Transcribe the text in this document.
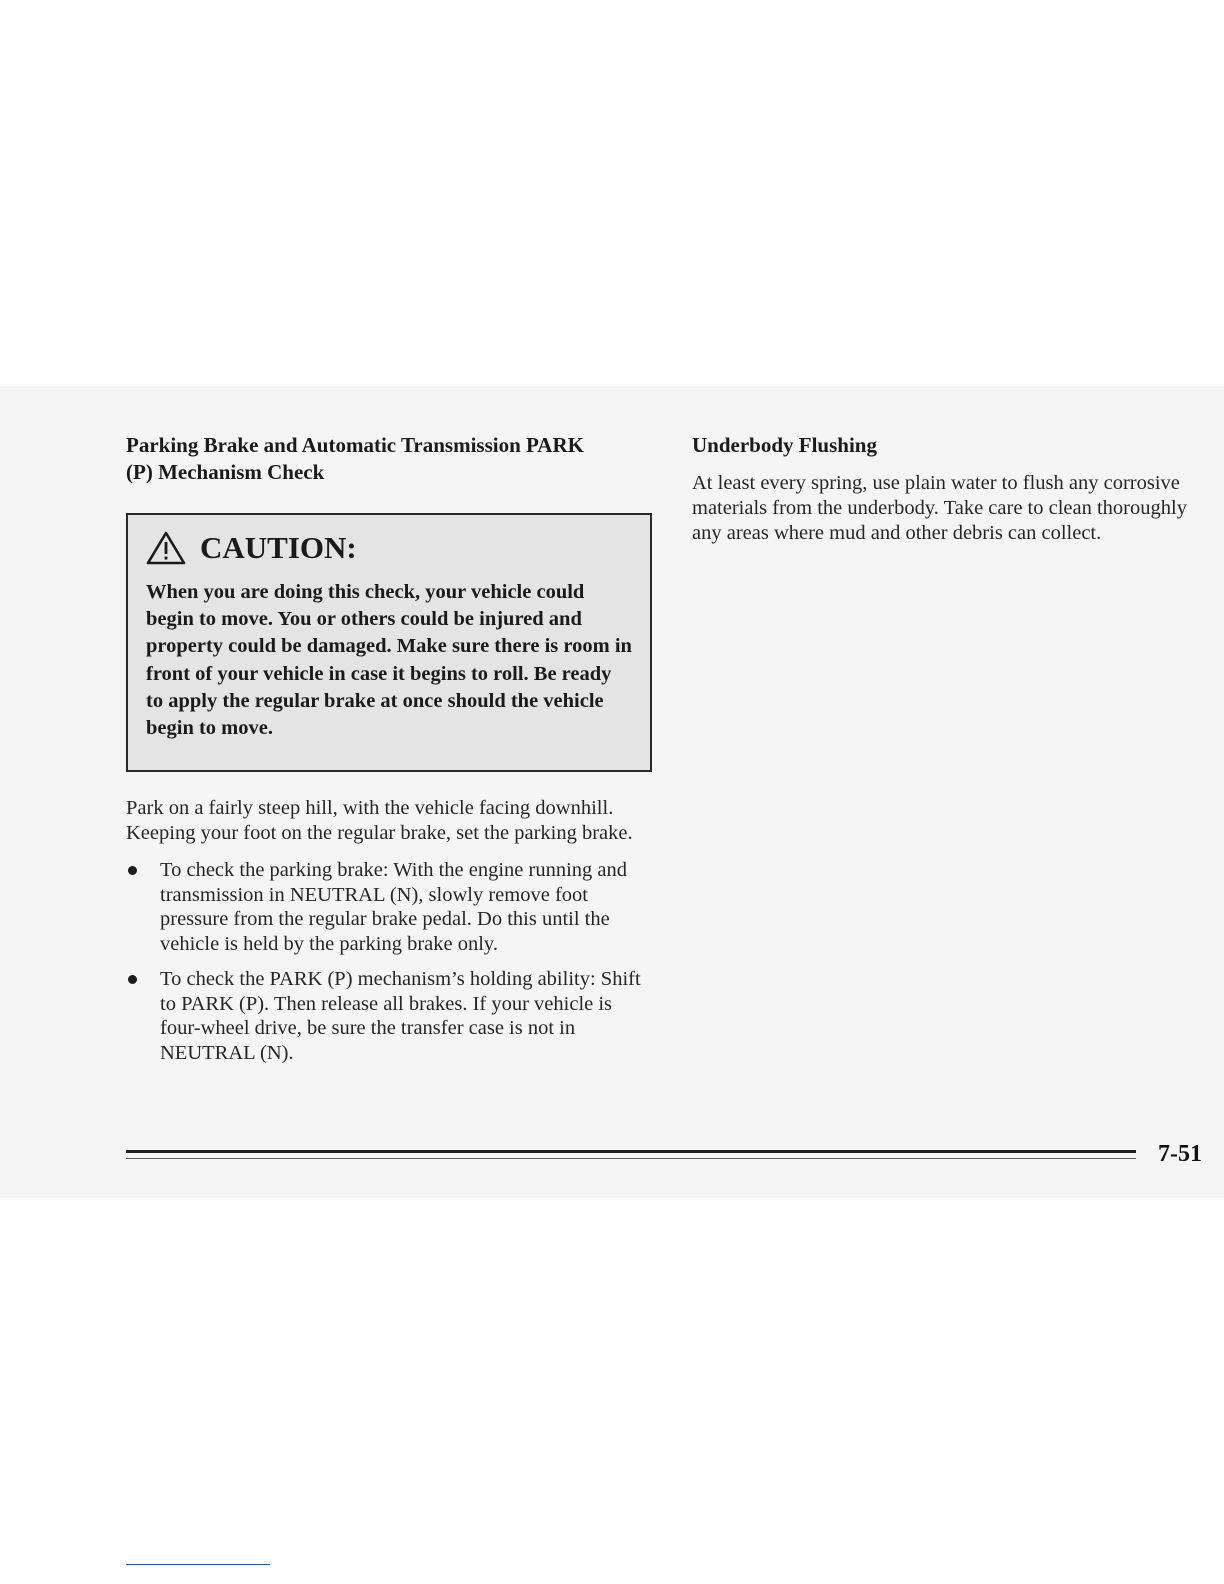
Parking Brake and Automatic Transmission PARK
(P) Mechanism Check

CAUTION:

When you are doing this check, your vehicle could begin to move. You or others could be injured and property could be damaged. Make sure there is room in front of your vehicle in case it begins to roll. Be ready to apply the regular brake at once should the vehicle begin to move.

Park on a fairly steep hill, with the vehicle facing downhill. Keeping your foot on the regular brake, set the parking brake.

To check the parking brake: With the engine running and transmission in NEUTRAL (N), slowly remove foot pressure from the regular brake pedal. Do this until the vehicle is held by the parking brake only.
To check the PARK (P) mechanism’s holding ability: Shift to PARK (P). Then release all brakes. If your vehicle is four-wheel drive, be sure the transfer case is not in NEUTRAL (N).

Underbody Flushing

At least every spring, use plain water to flush any corrosive materials from the underbody. Take care to clean thoroughly any areas where mud and other debris can collect.

7-51
